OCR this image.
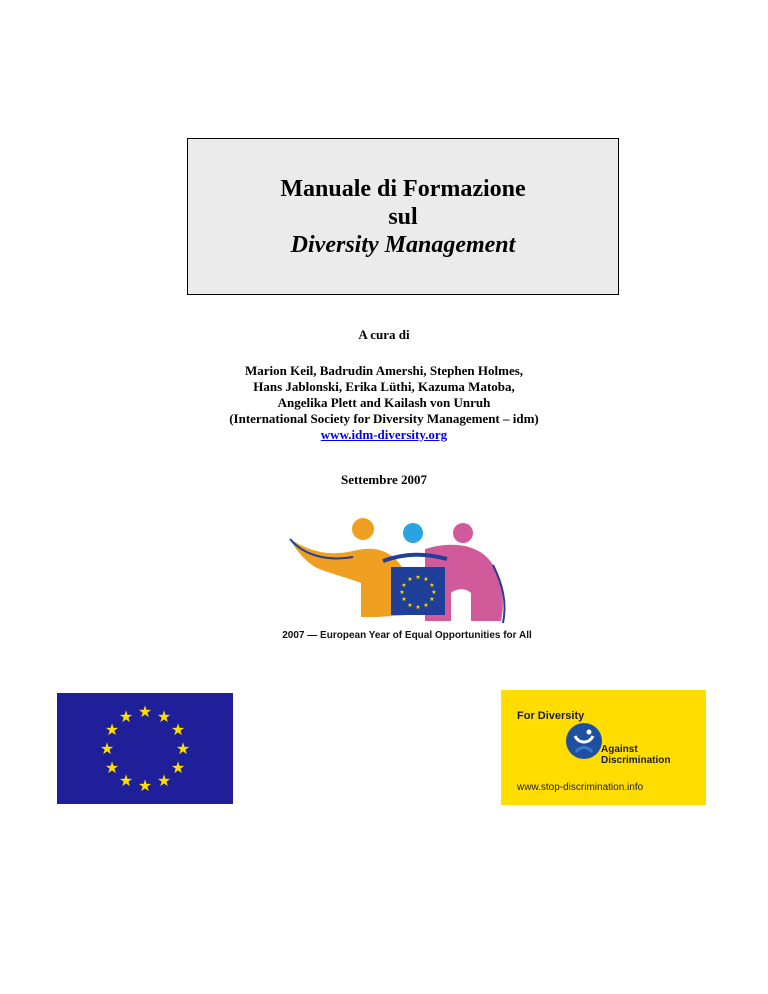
Manuale di Formazione
sul
Diversity Management
A cura di
Marion Keil, Badrudin Amershi, Stephen Holmes,
Hans Jablonski, Erika Lüthi, Kazuma Matoba,
Angelika Plett and Kailash von Unruh
(International Society for Diversity Management – idm)
www.idm-diversity.org
Settembre 2007
★ ★
★
★
★
★
★
★
★
★
★
★
2007 — European Year of Equal Opportunities for All
★ ★
★
★
★
★
★
★
★
★
★
★	For Diversity
Against Discrimination
www.stop-discrimination.info
